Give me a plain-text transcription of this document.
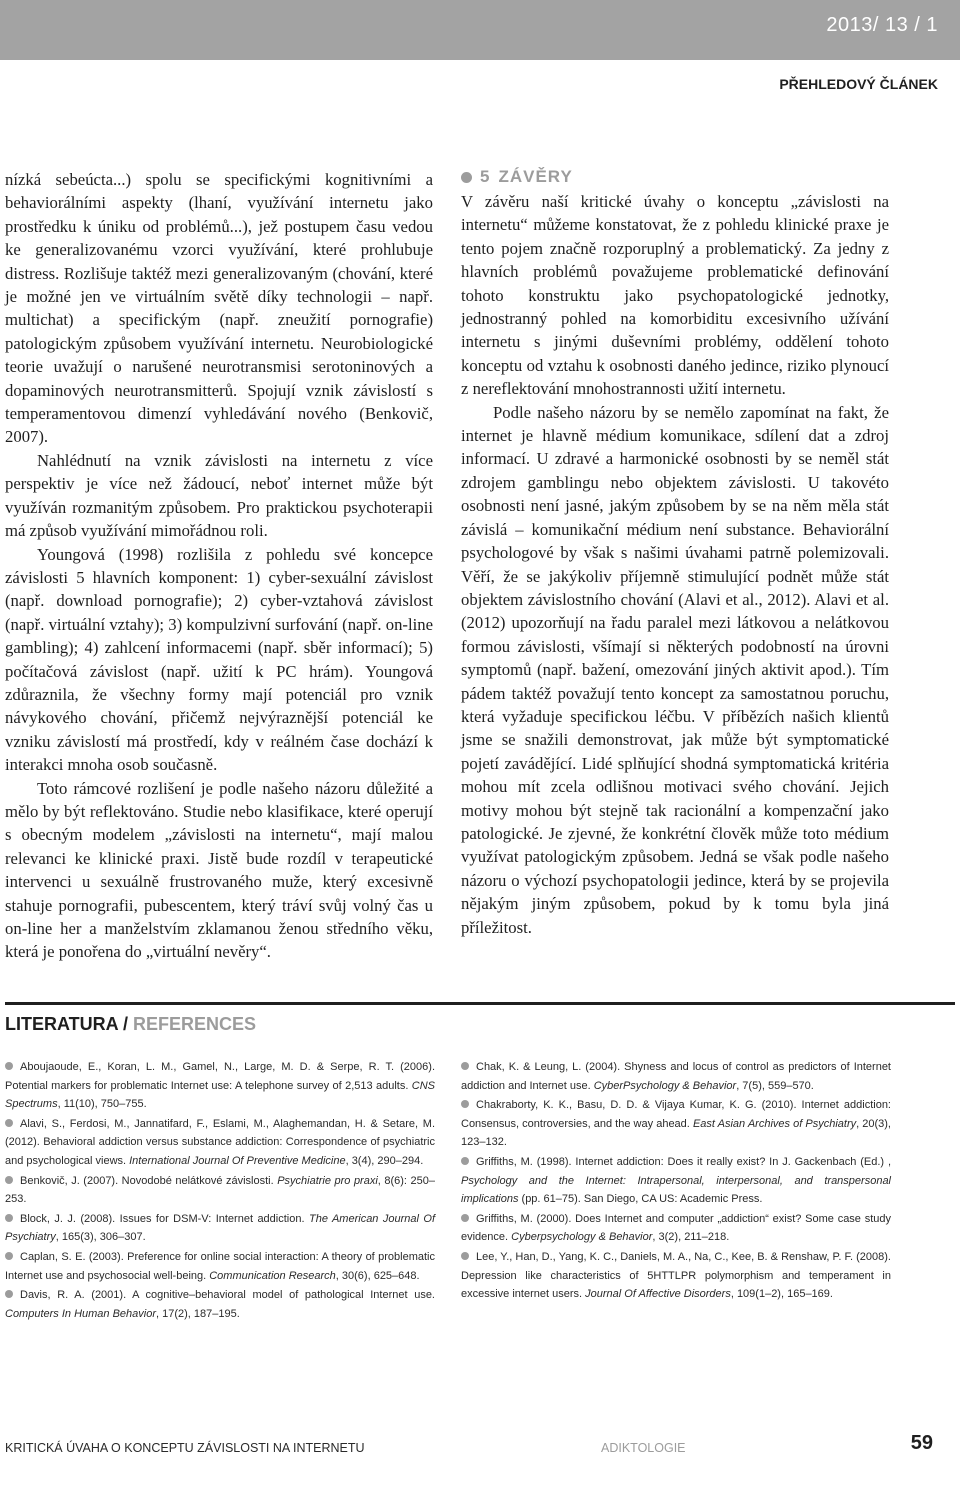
2013/ 13 / 1
PŘEHLEDOVÝ ČLÁNEK

nízká sebeúcta...) spolu se specifickými kognitivními a behaviorálními aspekty (lhaní, využívání internetu jako prostředku k úniku od problémů...), jež postupem času vedou ke generalizovanému vzorci využívání, které prohlubuje distress. Rozlišuje taktéž mezi generalizovaným (chování, které je možné jen ve virtuálním světě díky technologii – např. multichat) a specifickým (např. zneužití pornografie) patologickým způsobem využívání internetu. Neurobiologické teorie uvažují o narušené neurotransmisi serotoninových a dopaminových neurotransmitterů. Spojují vznik závislostí s temperamentovou dimenzí vyhledávání nového (Benkovič, 2007).

Nahlédnutí na vznik závislosti na internetu z více perspektiv je více než žádoucí, neboť internet může být využíván rozmanitým způsobem. Pro praktickou psychoterapii má způsob využívání mimořádnou roli.

Youngová (1998) rozlišila z pohledu své koncepce závislosti 5 hlavních komponent: 1) cyber-sexuální závislost (např. download pornografie); 2) cyber-vztahová závislost (např. virtuální vztahy); 3) kompulzivní surfování (např. on-line gambling); 4) zahlcení informacemi (např. sběr informací); 5) počítačová závislost (např. užití k PC hrám). Youngová zdůraznila, že všechny formy mají potenciál pro vznik návykového chování, přičemž nejvýraznější potenciál ke vzniku závislostí má prostředí, kdy v reálném čase dochází k interakci mnoha osob současně.

Toto rámcové rozlišení je podle našeho názoru důležité a mělo by být reflektováno. Studie nebo klasifikace, které operují s obecným modelem „závislosti na internetu“, mají malou relevanci ke klinické praxi. Jistě bude rozdíl v terapeutické intervenci u sexuálně frustrovaného muže, který excesivně stahuje pornografii, pubescentem, který tráví svůj volný čas u on-line her a manželstvím zklamanou ženou středního věku, která je ponořena do „virtuální nevěry“.

5 ZÁVĚRY

V závěru naší kritické úvahy o konceptu „závislosti na internetu“ můžeme konstatovat, že z pohledu klinické praxe je tento pojem značně rozporuplný a problematický. Za jedny z hlavních problémů považujeme problematické definování tohoto konstruktu jako psychopatologické jednotky, jednostranný pohled na komorbiditu excesivního užívání internetu s jinými duševními problémy, oddělení tohoto konceptu od vztahu k osobnosti daného jedince, riziko plynoucí z nereflektování mnohostrannosti užití internetu.

Podle našeho názoru by se nemělo zapomínat na fakt, že internet je hlavně médium komunikace, sdílení dat a zdroj informací. U zdravé a harmonické osobnosti by se neměl stát zdrojem gamblingu nebo objektem závislosti. U takovéto osobnosti není jasné, jakým způsobem by se na něm měla stát závislá – komunikační médium není substance. Behaviorální psychologové by však s našimi úvahami patrně polemizovali. Věří, že se jakýkoliv příjemně stimulující podnět může stát objektem závislostního chování (Alavi et al., 2012). Alavi et al. (2012) upozorňují na řadu paralel mezi látkovou a nelátkovou formou závislosti, všímají si některých podobností na úrovni symptomů (např. bažení, omezování jiných aktivit apod.). Tím pádem taktéž považují tento koncept za samostatnou poruchu, která vyžaduje specifickou léčbu. V příbězích našich klientů jsme se snažili demonstrovat, jak může být symptomatické pojetí zavádějící. Lidé splňující shodná symptomatická kritéria mohou mít zcela odlišnou motivaci svého chování. Jejich motivy mohou být stejně tak racionální a kompenzační jako patologické. Je zjevné, že konkrétní člověk může toto médium využívat patologickým způsobem. Jedná se však podle našeho názoru o výchozí psychopatologii jedince, která by se projevila nějakým jiným způsobem, pokud by k tomu byla jiná příležitost.

LITERATURA / REFERENCES

Aboujaoude, E., Koran, L. M., Gamel, N., Large, M. D. & Serpe, R. T. (2006). Potential markers for problematic Internet use: A telephone survey of 2,513 adults. CNS Spectrums, 11(10), 750–755.

Alavi, S., Ferdosi, M., Jannatifard, F., Eslami, M., Alaghemandan, H. & Setare, M. (2012). Behavioral addiction versus substance addiction: Correspondence of psychiatric and psychological views. International Journal Of Preventive Medicine, 3(4), 290–294.

Benkovič, J. (2007). Novodobé nelátkové závislosti. Psychiatrie pro praxi, 8(6): 250–253.

Block, J. J. (2008). Issues for DSM-V: Internet addiction. The American Journal Of Psychiatry, 165(3), 306–307.

Caplan, S. E. (2003). Preference for online social interaction: A theory of problematic Internet use and psychosocial well-being. Communication Research, 30(6), 625–648.

Davis, R. A. (2001). A cognitive–behavioral model of pathological Internet use. Computers In Human Behavior, 17(2), 187–195.

Chak, K. & Leung, L. (2004). Shyness and locus of control as predictors of Internet addiction and Internet use. CyberPsychology & Behavior, 7(5), 559–570.

Chakraborty, K. K., Basu, D. D. & Vijaya Kumar, K. G. (2010). Internet addiction: Consensus, controversies, and the way ahead. East Asian Archives of Psychiatry, 20(3), 123–132.

Griffiths, M. (1998). Internet addiction: Does it really exist? In J. Gackenbach (Ed.) , Psychology and the Internet: Intrapersonal, interpersonal, and transpersonal implications (pp. 61–75). San Diego, CA US: Academic Press.

Griffiths, M. (2000). Does Internet and computer „addiction“ exist? Some case study evidence. Cyberpsychology & Behavior, 3(2), 211–218.

Lee, Y., Han, D., Yang, K. C., Daniels, M. A., Na, C., Kee, B. & Renshaw, P. F. (2008). Depression like characteristics of 5HTTLPR polymorphism and temperament in excessive internet users. Journal Of Affective Disorders, 109(1–2), 165–169.

KRITICKÁ ÚVAHA O KONCEPTU ZÁVISLOSTI NA INTERNETU	ADIKTOLOGIE	59
